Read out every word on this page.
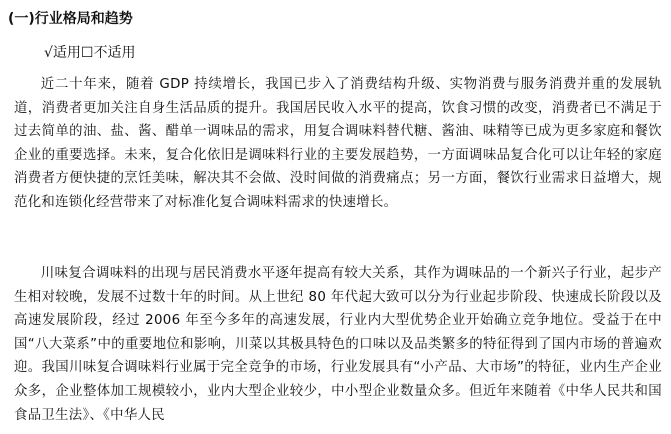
(一)行业格局和趋势
√适用☐不适用

近二十年来，随着 GDP 持续增长，我国已步入了消费结构升级、实物消费与服务消费并重的发展轨道，消费者更加关注自身生活品质的提升。我国居民收入水平的提高，饮食习惯的改变，消费者已不满足于过去简单的油、盐、酱、醋单一调味品的需求，用复合调味料替代糖、酱油、味精等已成为更多家庭和餐饮企业的重要选择。未来，复合化依旧是调味料行业的主要发展趋势，一方面调味品复合化可以让年轻的家庭消费者方便快捷的烹饪美味，解决其不会做、没时间做的消费痛点；另一方面，餐饮行业需求日益增大，规范化和连锁化经营带来了对标准化复合调味料需求的快速增长。

川味复合调味料的出现与居民消费水平逐年提高有较大关系，其作为调味品的一个新兴子行业，起步产生相对较晚，发展不过数十年的时间。从上世纪 80 年代起大致可以分为行业起步阶段、快速成长阶段以及高速发展阶段，经过 2006 年至今多年的高速发展，行业内大型优势企业开始确立竞争地位。受益于在中国“八大菜系”中的重要地位和影响，川菜以其极具特色的口味以及品类繁多的特征得到了国内市场的普遍欢迎。我国川味复合调味料行业属于完全竞争的市场，行业发展具有“小产品、大市场”的特征，业内生产企业众多，企业整体加工规模较小，业内大型企业较少，中小型企业数量众多。但近年来随着《中华人民共和国食品卫生法》、《中华人民
